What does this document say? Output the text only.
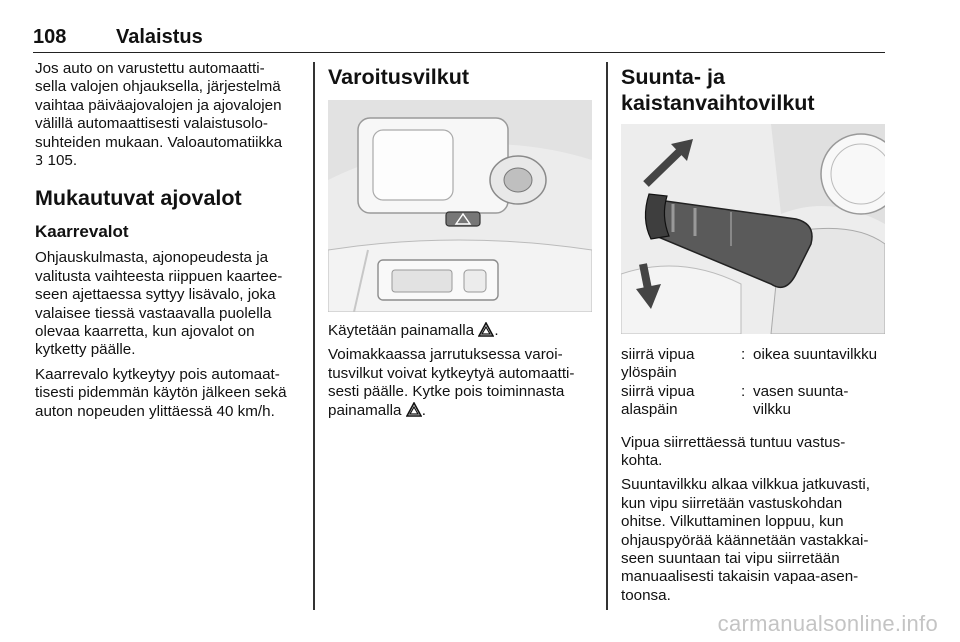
108 Valaistus

Jos auto on varustettu automaatti-
sella valojen ohjauksella, järjestelmä
vaihtaa päiväajovalojen ja ajovalojen
välillä automaattisesti valaistusolo-
suhteiden mukaan. Valoautomatiikka
3 105.

Mukautuvat ajovalot
Kaarrevalot

Ohjauskulmasta, ajonopeudesta ja
valitusta vaihteesta riippuen kaartee-
seen ajettaessa syttyy lisävalo, joka
valaisee tiessä vastaavalla puolella
olevaa kaarretta, kun ajovalot on
kytketty päälle.

Kaarrevalo kytkeytyy pois automaat-
tisesti pidemmän käytön jälkeen sekä
auton nopeuden ylittäessä 40 km/h.

Varoitusvilkut

Käytetään painamalla .

Voimakkaassa jarrutuksessa varoi-
tusvilkut voivat kytkeytyä automaatti-
sesti päälle. Kytke pois toiminnasta
painamalla .

Suunta- ja
kaistanvaihtovilkut
siirrä vipua
ylöspäin	:	oikea suuntavilkku

siirrä vipua
alaspäin	:	vasen suunta-
vilkku

Vipua siirrettäessä tuntuu vastus-
kohta.

Suuntavilkku alkaa vilkkua jatkuvasti,
kun vipu siirretään vastuskohdan
ohitse. Vilkuttaminen loppuu, kun
ohjauspyörää käännetään vastakkai-
seen suuntaan tai vipu siirretään
manuaalisesti takaisin vapaa-asen-
toonsa.

carmanualsonline.info
